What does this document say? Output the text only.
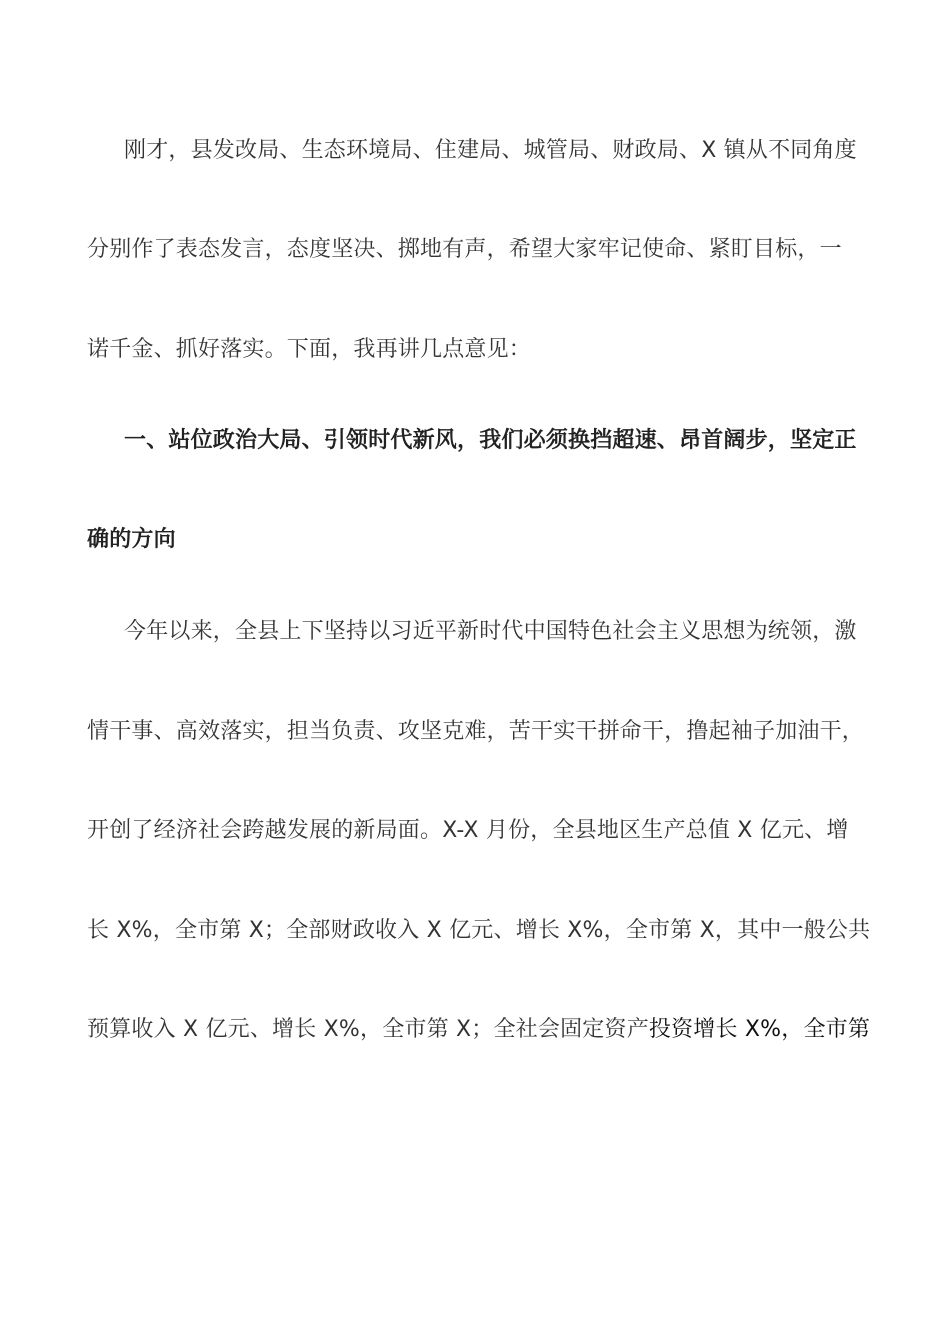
刚才，县发改局、生态环境局、住建局、城管局、财政局、X 镇从不同角度
分别作了表态发言，态度坚决、掷地有声，希望大家牢记使命、紧盯目标，一
诺千金、抓好落实。下面，我再讲几点意见：
一、站位政治大局、引领时代新风，我们必须换挡超速、昂首阔步，坚定正
确的方向
今年以来，全县上下坚持以习近平新时代中国特色社会主义思想为统领，激
情干事、高效落实，担当负责、攻坚克难，苦干实干拼命干，撸起袖子加油干，
开创了经济社会跨越发展的新局面。X-X 月份，全县地区生产总值 X 亿元、增
长 X%，全市第 X；全部财政收入 X 亿元、增长 X%，全市第 X，其中一般公共
预算收入 X 亿元、增长 X%，全市第 X；全社会固定资产投资增长 X%，全市第
